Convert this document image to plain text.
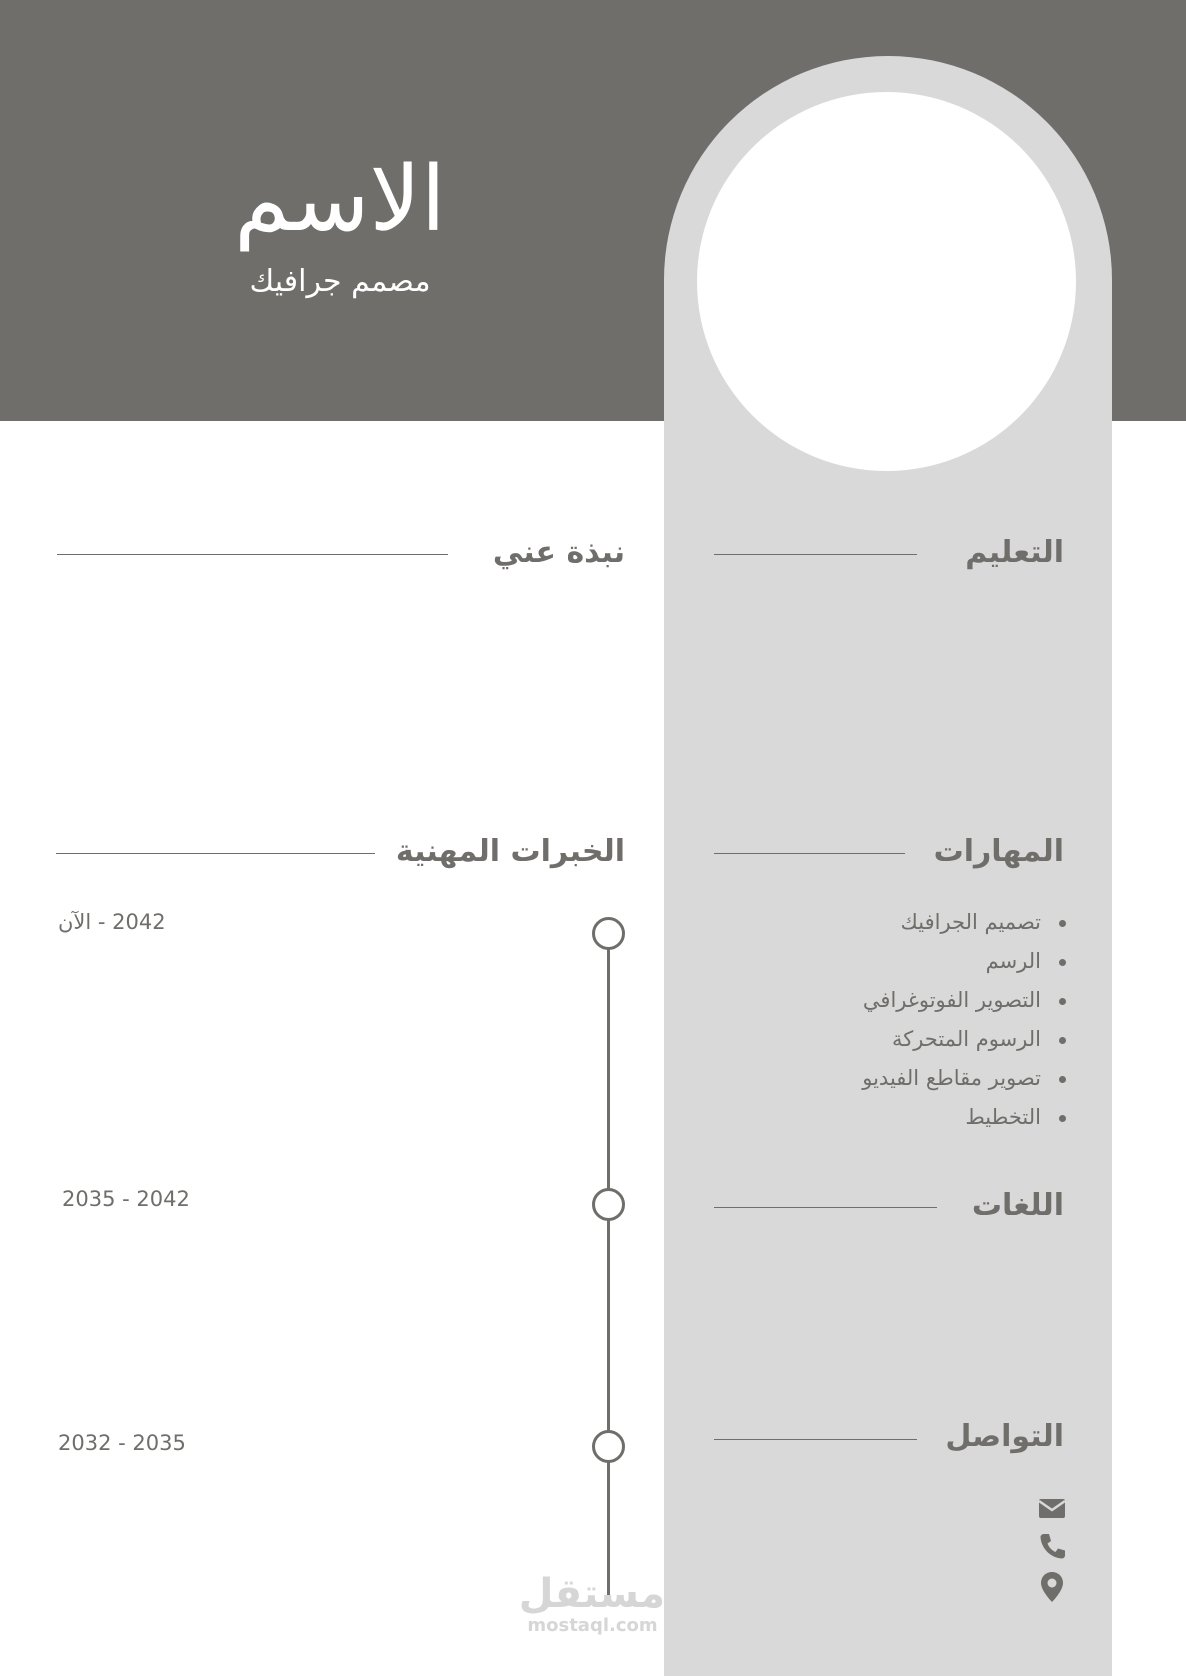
الاسم
مصمم جرافيك
التعليم
نبذة عني
المهارات
تصميم الجرافيك
الرسم
التصوير الفوتوغرافي
الرسوم المتحركة
تصوير مقاطع الفيديو
التخطيط
الخبرات المهنية
اللغات
التواصل
2042 - الآن
2042 - 2035
2035 - 2032
مستقل
mostaql.com
